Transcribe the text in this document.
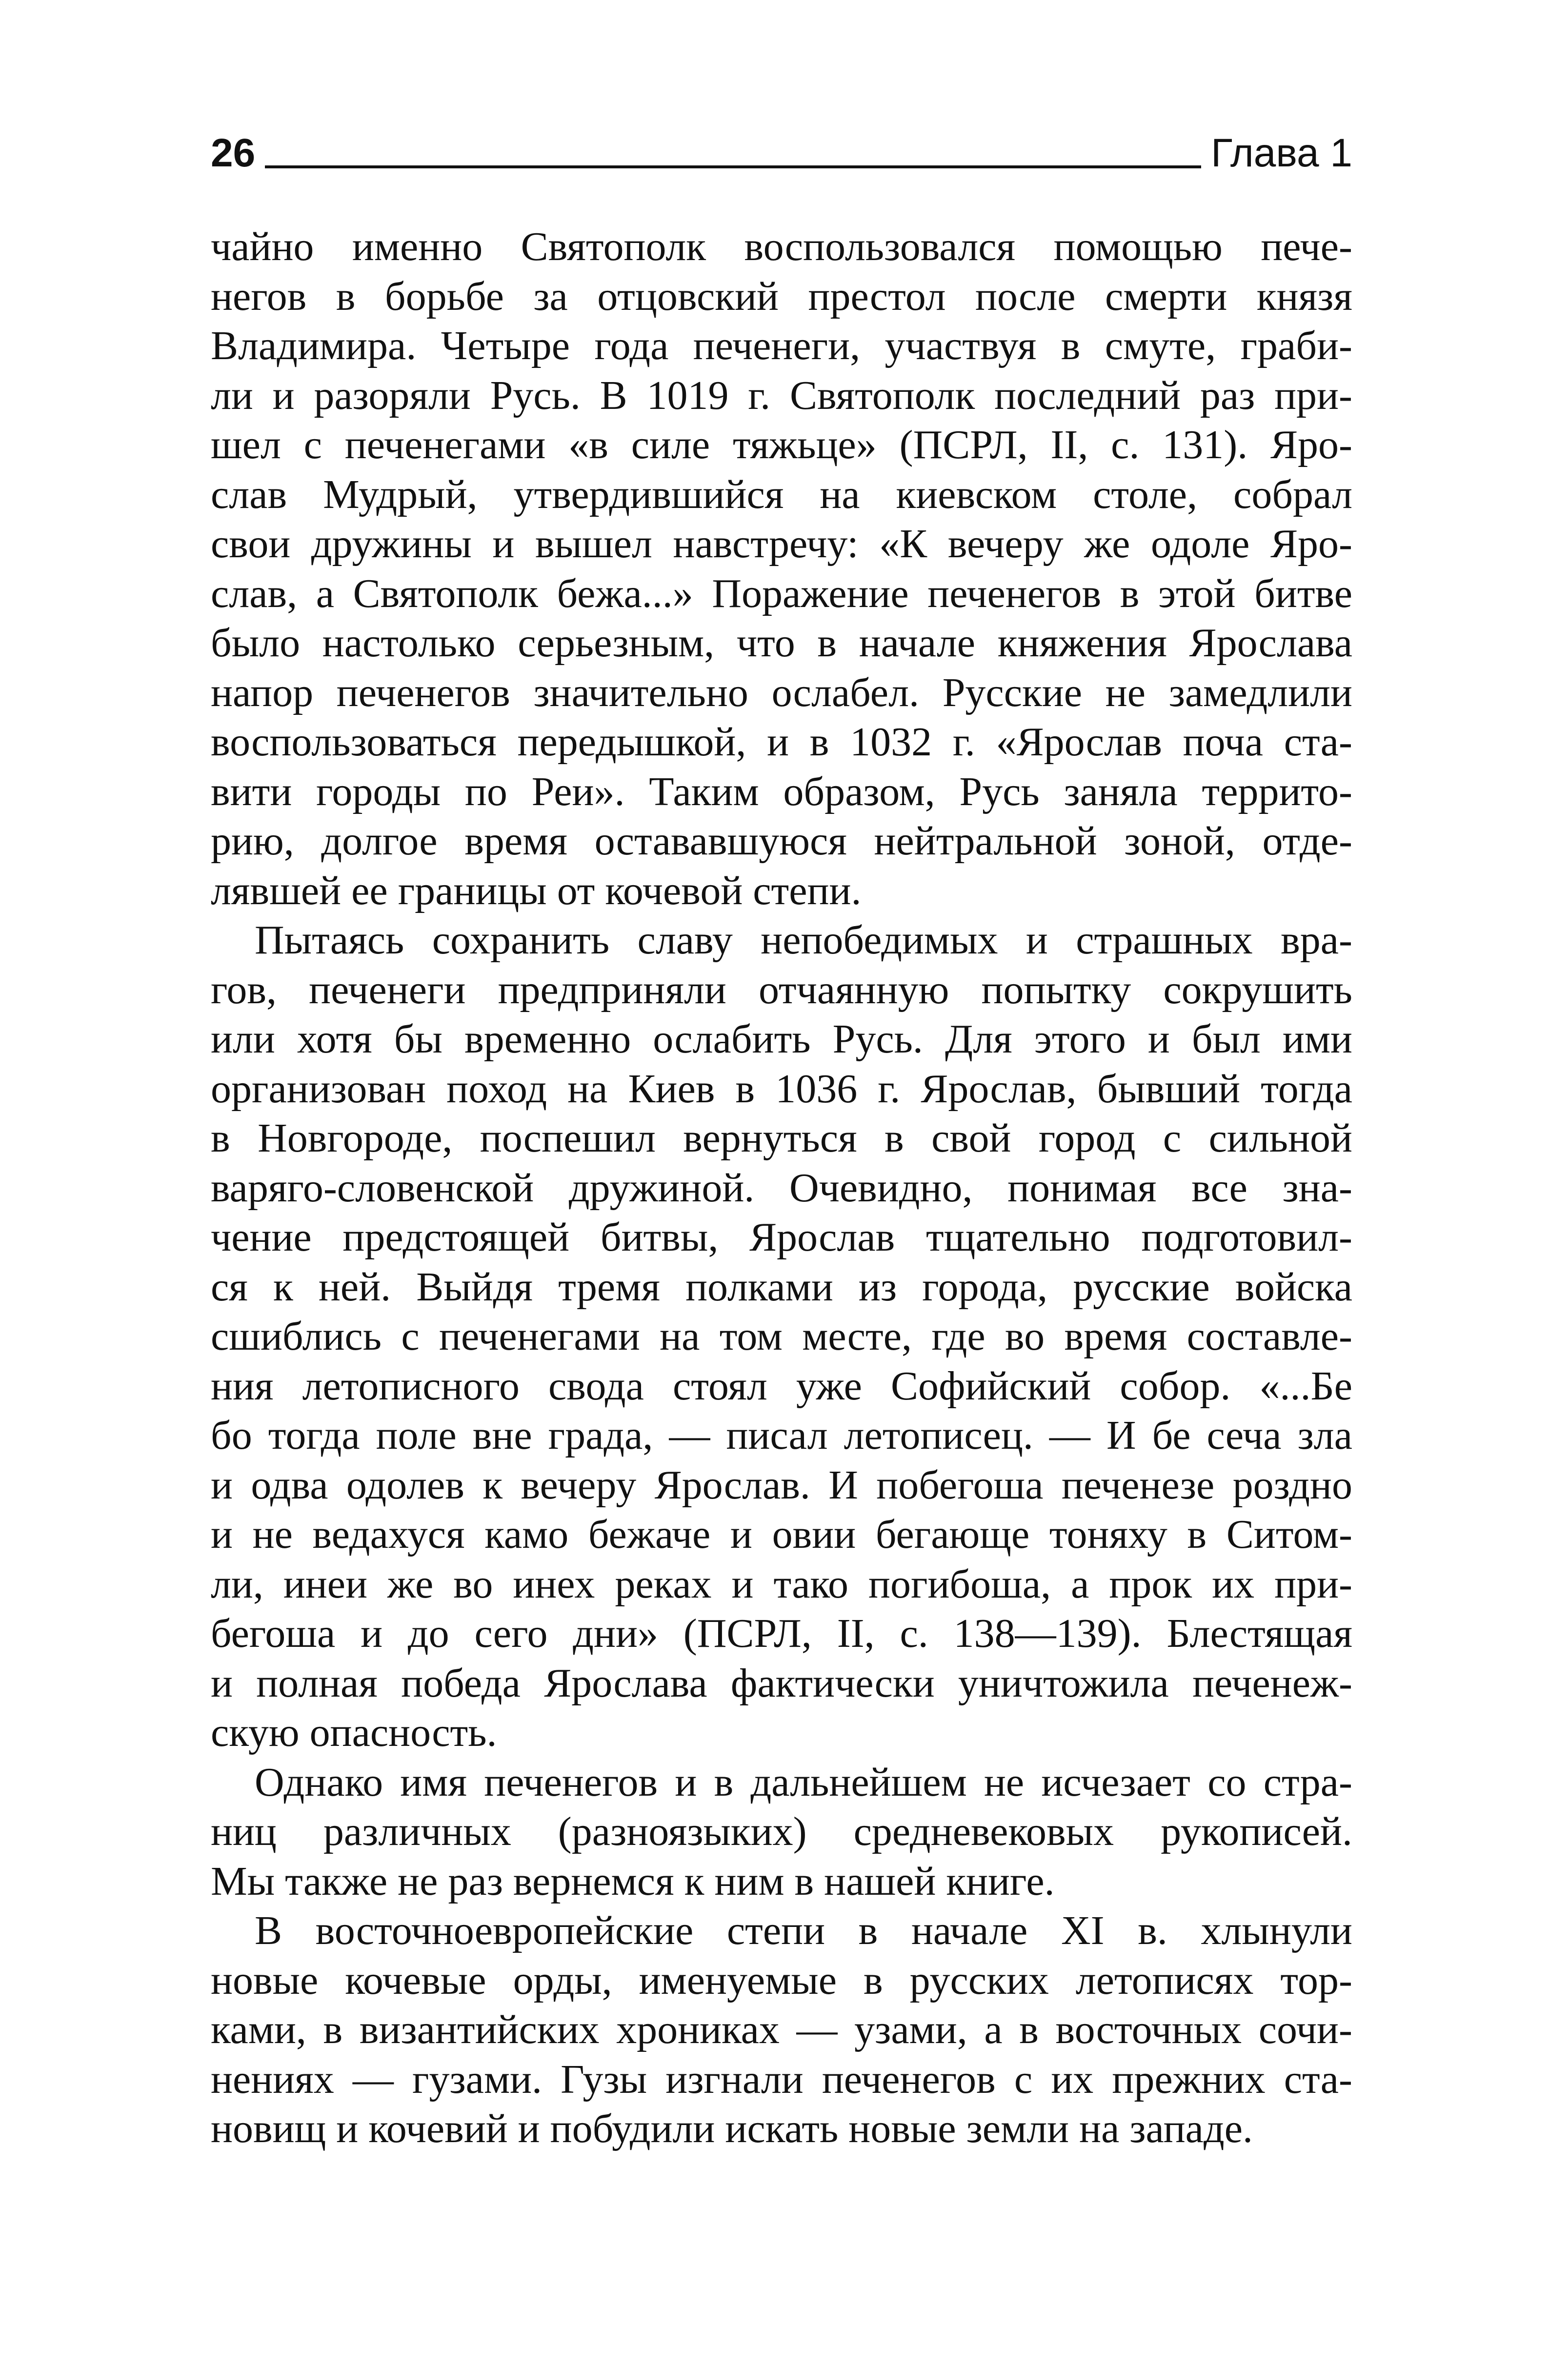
26	Глава 1
чайно именно Святополк воспользовался помощью пече-
негов в борьбе за отцовский престол после смерти князя
Владимира. Четыре года печенеги, участвуя в смуте, граби-
ли и разоряли Русь. В 1019 г. Святополк последний раз при-
шел с печенегами «в силе тяжьце» (ПСРЛ, II, с. 131). Яро-
слав Мудрый, утвердившийся на киевском столе, собрал
свои дружины и вышел навстречу: «К вечеру же одоле Яро-
слав, а Святополк бежа...» Поражение печенегов в этой битве
было настолько серьезным, что в начале княжения Ярослава
напор печенегов значительно ослабел. Русские не замедлили
воспользоваться передышкой, и в 1032 г. «Ярослав поча ста-
вити городы по Реи». Таким образом, Русь заняла террито-
рию, долгое время остававшуюся нейтральной зоной, отде-
лявшей ее границы от кочевой степи.
Пытаясь сохранить славу непобедимых и страшных вра-
гов, печенеги предприняли отчаянную попытку сокрушить
или хотя бы временно ослабить Русь. Для этого и был ими
организован поход на Киев в 1036 г. Ярослав, бывший тогда
в Новгороде, поспешил вернуться в свой город с сильной
варяго-словенской дружиной. Очевидно, понимая все зна-
чение предстоящей битвы, Ярослав тщательно подготовил-
ся к ней. Выйдя тремя полками из города, русские войска
сшиблись с печенегами на том месте, где во время составле-
ния летописного свода стоял уже Софийский собор. «...Бе
бо тогда поле вне града, — писал летописец. — И бе сеча зла
и одва одолев к вечеру Ярослав. И побегоша печенезе роздно
и не ведахуся камо бежаче и овии бегающе тоняху в Ситом-
ли, инеи же во инех реках и тако погибоша, а прок их при-
бегоша и до сего дни» (ПСРЛ, II, с. 138—139). Блестящая
и полная победа Ярослава фактически уничтожила печенеж-
скую опасность.
Однако имя печенегов и в дальнейшем не исчезает со стра-
ниц различных (разноязыких) средневековых рукописей.
Мы также не раз вернемся к ним в нашей книге.
В восточноевропейские степи в начале XI в. хлынули
новые кочевые орды, именуемые в русских летописях тор-
ками, в византийских хрониках — узами, а в восточных сочи-
нениях — гузами. Гузы изгнали печенегов с их прежних ста-
новищ и кочевий и побудили искать новые земли на западе.
